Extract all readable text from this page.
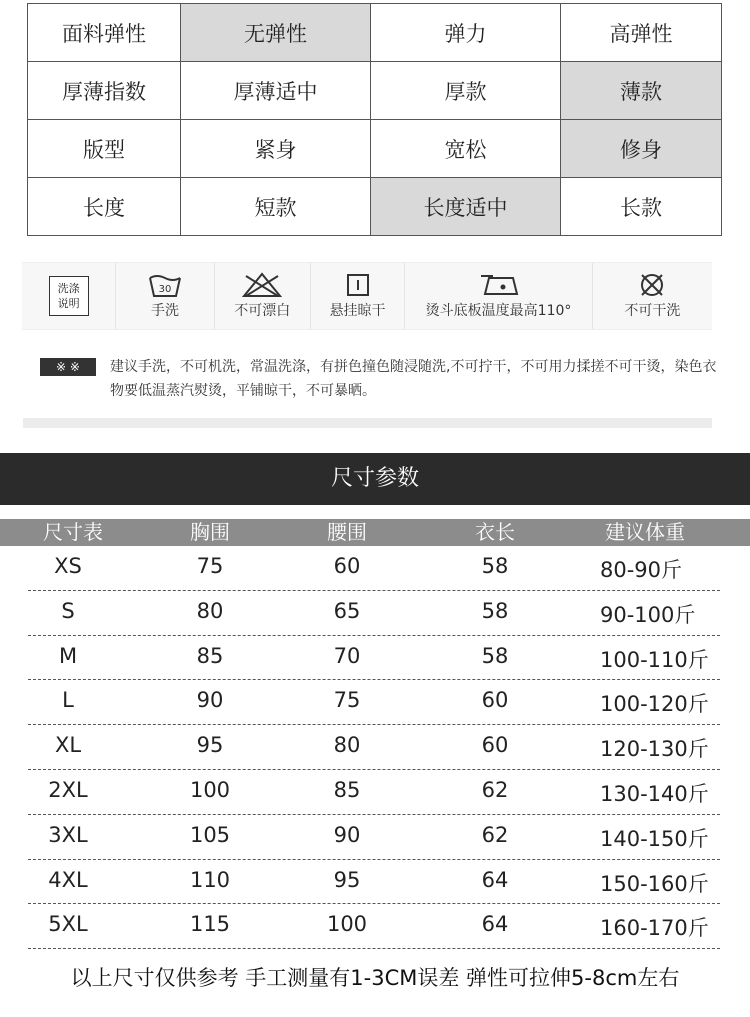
面料弹性	无弹性	弹力	高弹性
厚薄指数	厚薄适中	厚款	薄款
版型	紧身	宽松	修身
长度	短款	长度适中	长款
洗涤
说明
30
手洗	不可漂白	悬挂晾干	烫斗底板温度最高110°	不可干洗
※ ※	建议手洗，不可机洗，常温洗涤，有拼色撞色随浸随洗,不可拧干，不可用力揉搓不可干烫，染色衣物要低温蒸汽熨烫，平铺晾干，不可暴晒。
尺寸参数
尺寸表	胸围	腰围	衣长	建议体重
XS	75	60	58	80-90斤
S	80	65	58	90-100斤
M	85	70	58	100-110斤
L	90	75	60	100-120斤
XL	95	80	60	120-130斤
2XL	100	85	62	130-140斤
3XL	105	90	62	140-150斤
4XL	110	95	64	150-160斤
5XL	115	100	64	160-170斤
以上尺寸仅供参考 手工测量有1-3CM误差 弹性可拉伸5-8cm左右
